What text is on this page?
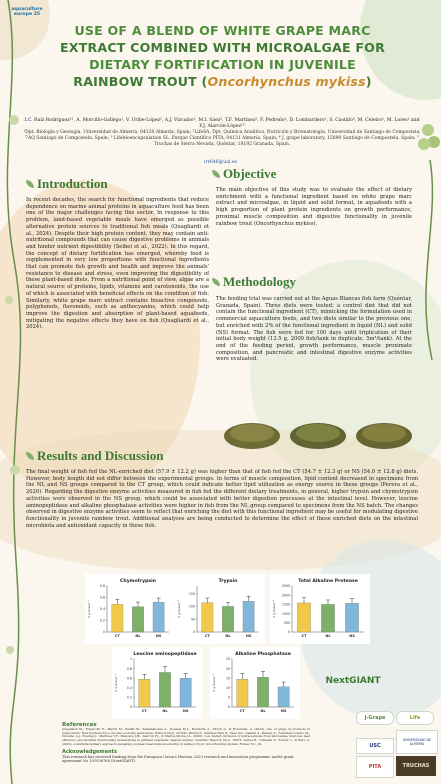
aquaculture europe 25
USE OF A BLEND OF WHITE GRAPE MARC
EXTRACT COMBINED WITH MICROALGAE FOR
DIETARY FORTIFICATION IN JUVENILE
RAINBOW TROUT (Oncorhynchus mykiss)
I.C. Ruiz Rodríguez¹², A. Morcillo-Gallego¹, V. Uribe-López², A.J. Vizcaíno², M.I. Sáez², T.F. Martínez², F. Pedreño¹, D. Lombardero³, S. Castillo³, M. Celeiro¹, M. Lores¹ and F.J. Alarcón-López¹²
¹Dpt. Biología y Geología. Universidad de Almería, 04120 Almería, Spain; ²LifeSA, Dpt. Química Analítica, Nutrición y Bromatología, Universidad de Santiago de Compostela, 7AQ Santiago de Compostela, Spain; ³ Lifebioencapsulation SL. Parque Científico PITA, 04131 Almería, Spain; ⁴ J. grape laboratory, 15890 Santiago de Compostela, Spain; ⁵ Truchas de Sierra Nevada, Quéntar, 18192 Granada, Spain.
irr646@ual.es
Introduction
In recent decades, the search for functional ingredients that reduce dependence on marine animal proteins in aquaculture feed has been one of the major challenges facing this sector. In response to this problem, land-based vegetable meals have emerged as possible alternative protein sources to traditional fish meals (Quagliardi et al., 2024). Despite their high protein content, they may contain anti-nutritional compounds that can cause digestive problems in animals and hinder nutrient digestibility (Seibel et al., 2022). In this regard, the concept of dietary fortification has emerged, whereby feed is supplemented in very low proportions with functional ingredients that can promote fish growth and health and improve the animals' resistance to disease and stress, even improving the digestibility of these plant-based diets. From a nutritional point of view, algae are a natural source of proteins, lipids, vitamins and carotenoids, the use of which is associated with beneficial effects on the condition of fish. Similarly, white grape marc extract contains bioactive compounds, polyphenols, flavonoids, such as anthocyanins, which could help improve the digestion and absorption of plant-based aquafeeds, mitigating the negative effects they have on fish (Quagliardi et al., 2024).
Objective
The main objective of this study was to evaluate the effect of dietary enrichment with a functional ingredient based on white grape marc extract and microalgae, in liquid and solid format, in aquafeeds with a high proportion of plant protein ingredients on growth performance, proximal muscle composition and digestive functionality in juvenile rainbow trout (Oncorhynchus mykiss).
Methodology
The feeding trial was carried out at the Aguas Blancas fish farm (Quéntar, Granada, Spain). Three diets were tested: a control diet that did not contain the functional ingredient (CT), mimicking the formulation used in commercial aquaculture feeds, and two diets similar to the previous one, but enriched with 2% of the functional ingredient in liquid (NL) and solid (NS) format. The fish were fed for 100 days until triplication of their initial body weight (12.5 g, 2000 fish/tank in duplicate, 5m³/tank). At the end of the feeding period, growth performance, muscle proximate composition, and pancreatic and intestinal digestive enzyme activities were evaluated.
Results and Discussion
The final weight of fish fed the NL-enriched diet (57.9 ± 12.2 g) was higher than that of fish fed the CT (54.7 ± 12.3 g) or NS (54.0 ± 12.8 g) diets. However, body length did not differ between the experimental groups. In terms of muscle composition, lipid content decreased in specimens from the NL and NS groups compared to the CT group, which could indicate better lipid utilization as energy source in these groups (Perera et al., 2020). Regarding the digestive enzyme activities measured in fish fed the different dietary treatments, in general, higher trypsin and chymotrypsin activities were observed in the NS group, which could be associated with better digestion processes at the intestinal level. However, leucine aminopeptidase and alkaline phosphatase activities were higher in fish from the NL group compared to specimens from the NS batch. The changes observed in digestive enzyme activities seem to reflect that enriching the diet with this functional ingredient may be useful for modulating digestive functionality in juvenile rainbow trout. Additional analyses are being conducted to determine the effect of these enriched diets on the intestinal microbiota and antioxidant capacity in these fish.
Chymotrypsin
U g tissue⁻¹
0
0.2
0.4
0.6
0.8
CT	NL	NS
Trypsin
U g tissue⁻¹
0
50
100
150
CT	NL	NS
Total Alkaline Protease
U g tissue⁻¹
0
500
1000
1500
2000
2500
CT	NL	NS
Leucine aminopeptidase
U g tissue⁻¹
0
0.2
0.4
0.6
0.8
1
CT	NL	NS
Alkaline Phosphatase
U g tissue⁻¹
0
5
10
15
20
25
CT	NL	NS
References
Quagliardi M., Frapiccini E., Marini M., Panfili M., Santanatoglia A., Kouassi M.L., Borrasini A., Vittori S., & Roncarati, A. (2024). Use of grape by-products in aquaculture: New frontiers for a circular economy application. Heliyon10(5), e27443. Perera E., Sánchez-Ruiz D., Sáez M.I., Galafat A., Barany A., Fernández-Castro M., Vizcaíno A.J., Fuentes J., Martínez T.F., Mancera J.M., Alarcón F.J., & Martos-Sitcha J.A. (2020). Low dietary inclusion of nutraceuticals from microalgae improves feed efficiency and modifies intermediary metabolisms in gilthead seabream (Sparus aurata). Scientific Reports 10(1), 18676. Seibel H., Chikwati E., Schulz C., & Rebl, A. (2022). A multidisciplinary approach evaluating soybean meal-induced enteritis in rainbow trout. Oncorhynchus mykiss. Fishes 7(1), 22.
Acknowledgements
This research has received funding from the European Union's Horizon 2020 research and innovation programme under grant agreement No 101036768 (NextGIANT).
NextGIANT
J-Grape	Life
USC
UNIVERSIDAD DE ALMERÍA
PITA	TRUCHAS
